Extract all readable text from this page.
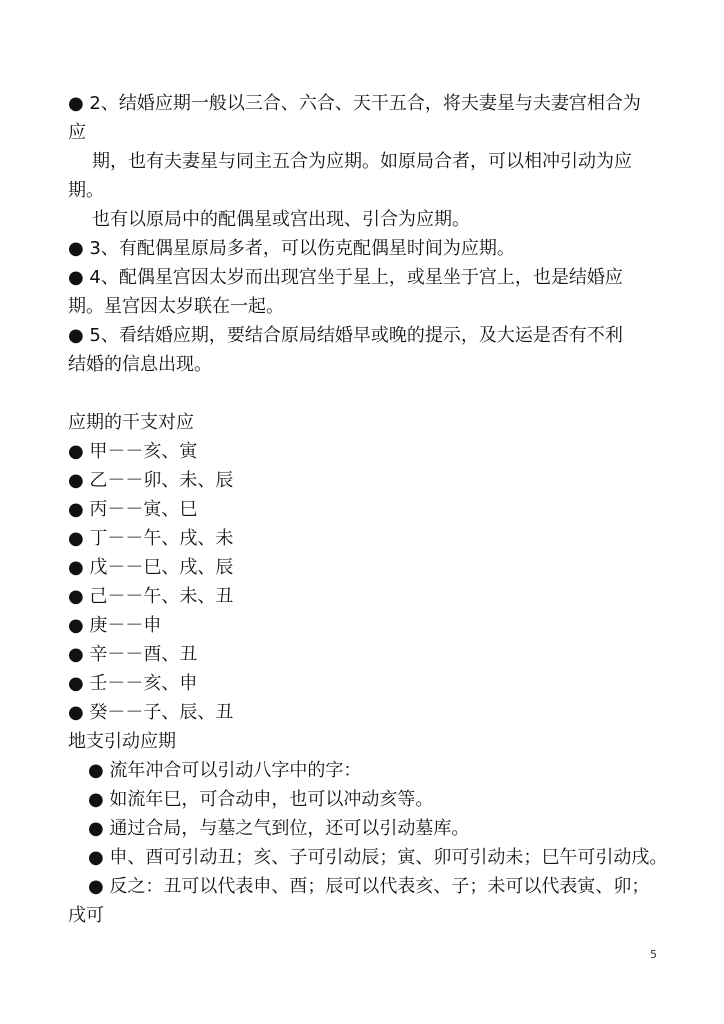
● 2、结婚应期一般以三合、六合、天干五合，将夫妻星与夫妻宫相合为
应
期，也有夫妻星与同主五合为应期。如原局合者，可以相冲引动为应
期。
也有以原局中的配偶星或宫出现、引合为应期。
● 3、有配偶星原局多者，可以伤克配偶星时间为应期。
● 4、配偶星宫因太岁而出现宫坐于星上，或星坐于宫上，也是结婚应
期。星宫因太岁联在一起。
● 5、看结婚应期，要结合原局结婚早或晚的提示，及大运是否有不利
结婚的信息出现。
应期的干支对应
● 甲－－亥、寅
● 乙－－卯、未、辰
● 丙－－寅、巳
● 丁－－午、戌、未
● 戊－－巳、戌、辰
● 己－－午、未、丑
● 庚－－申
● 辛－－酉、丑
● 壬－－亥、申
● 癸－－子、辰、丑
地支引动应期
● 流年冲合可以引动八字中的字：
● 如流年巳，可合动申，也可以冲动亥等。
● 通过合局，与墓之气到位，还可以引动墓库。
● 申、酉可引动丑；亥、子可引动辰；寅、卯可引动未；巳午可引动戌。
● 反之：丑可以代表申、酉；辰可以代表亥、子；未可以代表寅、卯；
戌可
5
